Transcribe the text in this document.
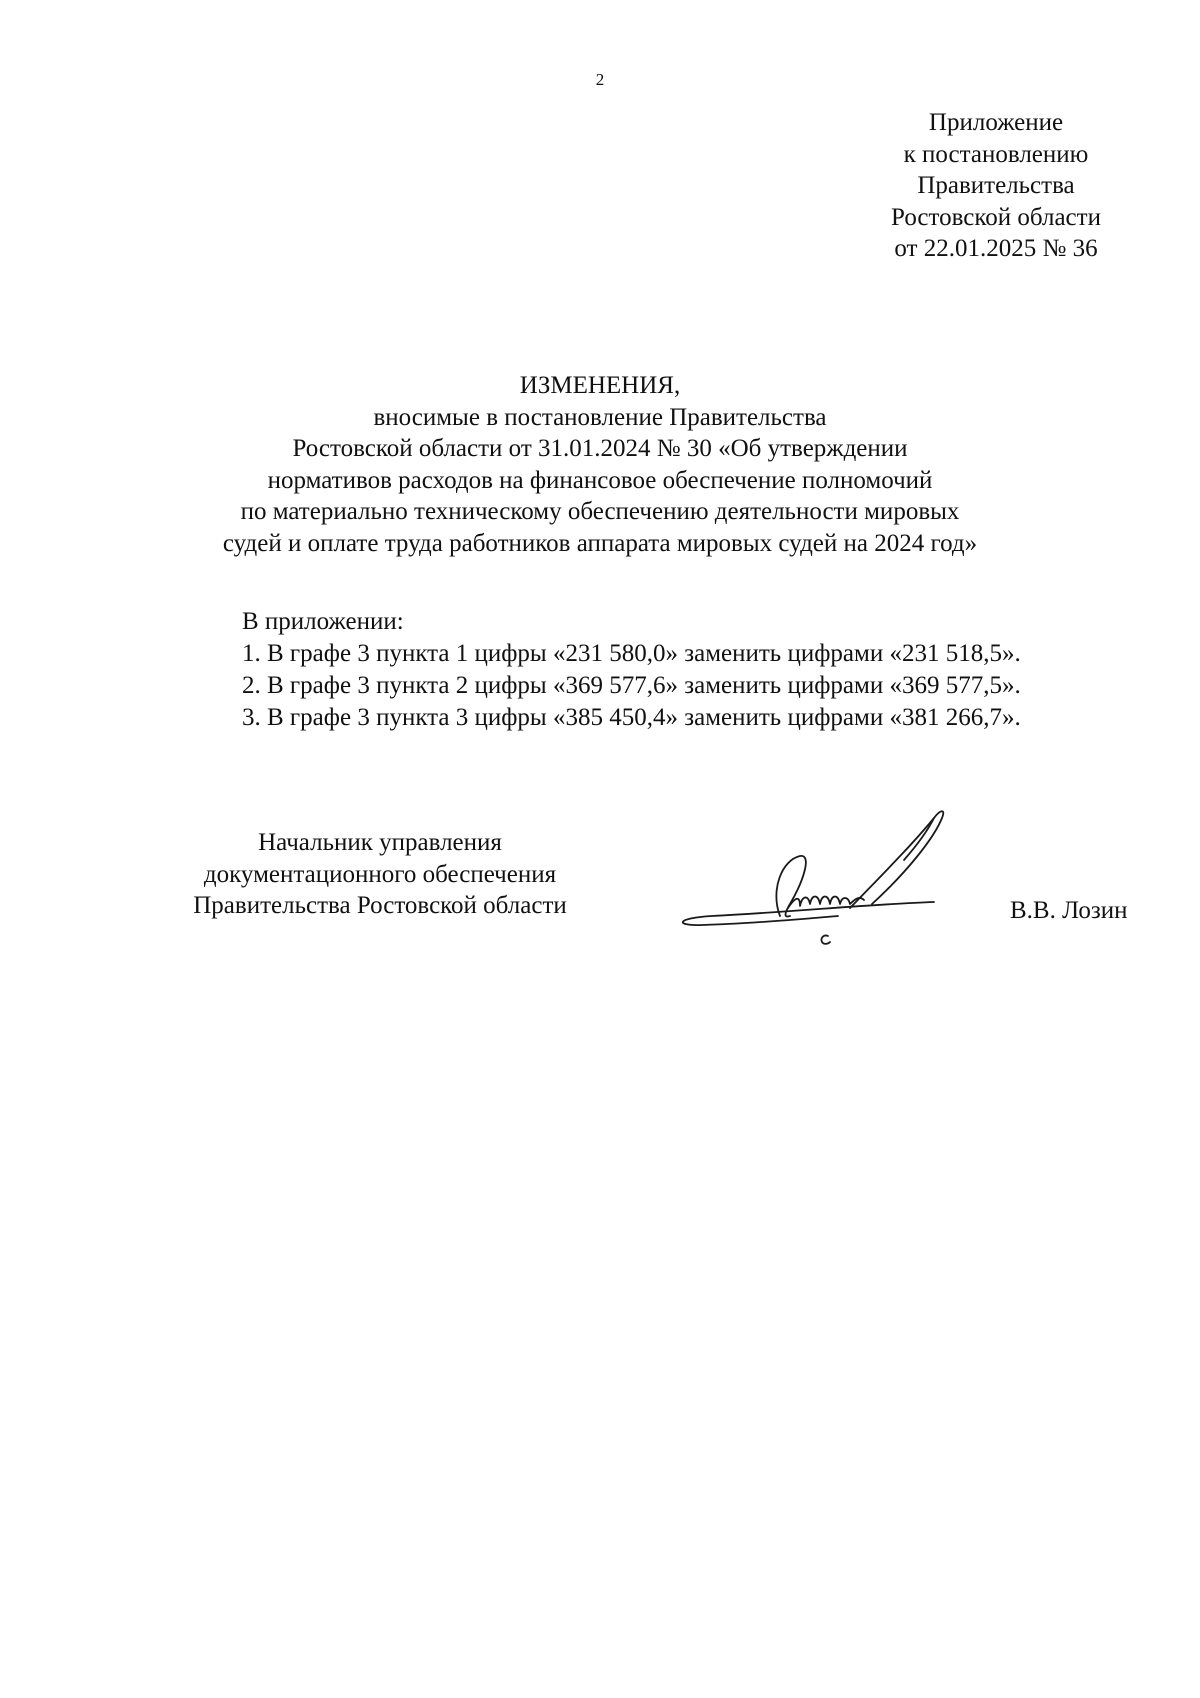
2
Приложение
к постановлению
Правительства
Ростовской области
от 22.01.2025 № 36
ИЗМЕНЕНИЯ,
вносимые в постановление Правительства
Ростовской области от 31.01.2024 № 30 «Об утверждении
нормативов расходов на финансовое обеспечение полномочий
по материально техническому обеспечению деятельности мировых
судей и оплате труда работников аппарата мировых судей на 2024 год»
В приложении:
1. В графе 3 пункта 1 цифры «231 580,0» заменить цифрами «231 518,5».
2. В графе 3 пункта 2 цифры «369 577,6» заменить цифрами «369 577,5».
3. В графе 3 пункта 3 цифры «385 450,4» заменить цифрами «381 266,7».
Начальник управления
документационного обеспечения
Правительства Ростовской области	В.В. Лозин
